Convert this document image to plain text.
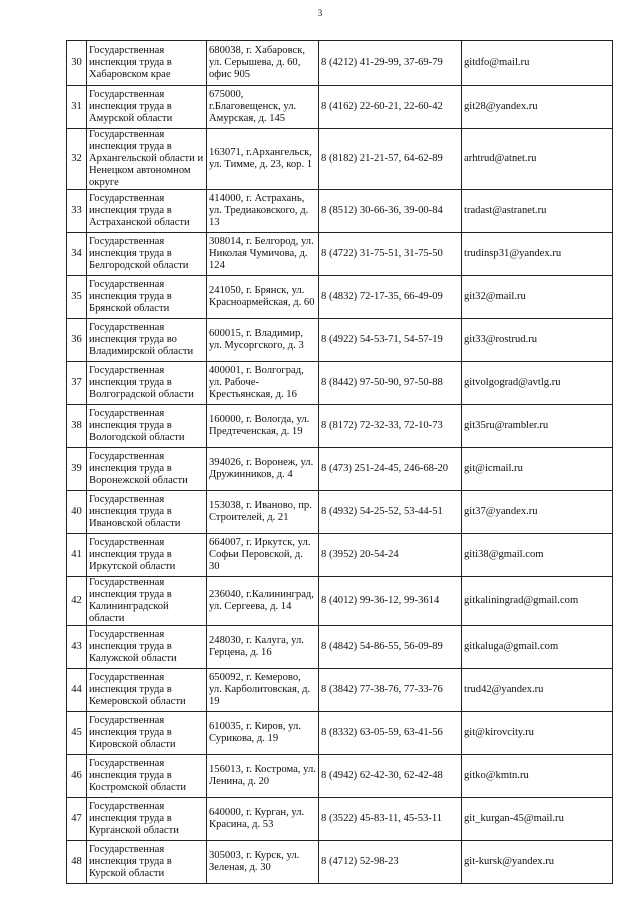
3
30	Государственная инспекция труда в Хабаровском крае	680038, г. Хабаровск, ул. Серышева, д. 60, офис 905	8 (4212) 41-29-99, 37-69-79	gitdfo@mail.ru
31	Государственная инспекция труда в Амурской области	675000, г.Благовещенск, ул. Амурская, д. 145	8 (4162) 22-60-21, 22-60-42	git28@yandex.ru
32	Государственная инспекция труда в Архангельской области и Ненецком автономном округе	163071, г.Архангельск, ул. Тимме, д. 23, кор. 1	8 (8182) 21-21-57, 64-62-89	arhtrud@atnet.ru
33	Государственная инспекция труда в Астраханской области	414000, г. Астрахань, ул. Тредиаковского, д. 13	8 (8512) 30-66-36, 39-00-84	tradast@astranet.ru
34	Государственная инспекция труда в Белгородской области	308014, г. Белгород, ул. Николая Чумичова, д. 124	8 (4722) 31-75-51, 31-75-50	trudinsp31@yandex.ru
35	Государственная инспекция труда в Брянской области	241050, г. Брянск, ул. Красноармейская, д. 60	8 (4832) 72-17-35, 66-49-09	git32@mail.ru
36	Государственная инспекция труда во Владимирской области	600015, г. Владимир, ул. Мусоргского, д. 3	8 (4922) 54-53-71, 54-57-19	git33@rostrud.ru
37	Государственная инспекция труда в Волгоградской области	400001, г. Волгоград, ул. Рабоче-Крестьянская, д. 16	8 (8442) 97-50-90, 97-50-88	gitvolgograd@avtlg.ru
38	Государственная инспекция труда в Вологодской области	160000, г. Вологда, ул. Предтеченская, д. 19	8 (8172) 72-32-33, 72-10-73	git35ru@rambler.ru
39	Государственная инспекция труда в Воронежской области	394026, г. Воронеж, ул. Дружинников, д. 4	8 (473) 251-24-45, 246-68-20	git@icmail.ru
40	Государственная инспекция труда в Ивановской области	153038, г. Иваново, пр. Строителей, д. 21	8 (4932) 54-25-52, 53-44-51	git37@yandex.ru
41	Государственная инспекция труда в Иркутской области	664007, г. Иркутск, ул. Софьи Перовской, д. 30	8 (3952) 20-54-24	giti38@gmail.com
42	Государственная инспекция труда в Калининградской области	236040, г.Калининград, ул. Сергеева, д. 14	8 (4012) 99-36-12, 99-3614	gitkaliningrad@gmail.com
43	Государственная инспекция труда в Калужской области	248030, г. Калуга, ул. Герцена, д. 16	8 (4842) 54-86-55, 56-09-89	gitkaluga@gmail.com
44	Государственная инспекция труда в Кемеровской области	650092, г. Кемерово, ул. Карболитовская, д. 19	8 (3842) 77-38-76, 77-33-76	trud42@yandex.ru
45	Государственная инспекция труда в Кировской области	610035, г. Киров, ул. Сурикова, д. 19	8 (8332) 63-05-59, 63-41-56	git@kirovcity.ru
46	Государственная инспекция труда в Костромской области	156013, г. Кострома, ул. Ленина, д. 20	8 (4942) 62-42-30, 62-42-48	gitko@kmtn.ru
47	Государственная инспекция труда в Курганской области	640000, г. Курган, ул. Красина, д. 53	8 (3522) 45-83-11, 45-53-11	git_kurgan-45@mail.ru
48	Государственная инспекция труда в Курской области	305003, г. Курск, ул. Зеленая, д. 30	8 (4712) 52-98-23	git-kursk@yandex.ru
